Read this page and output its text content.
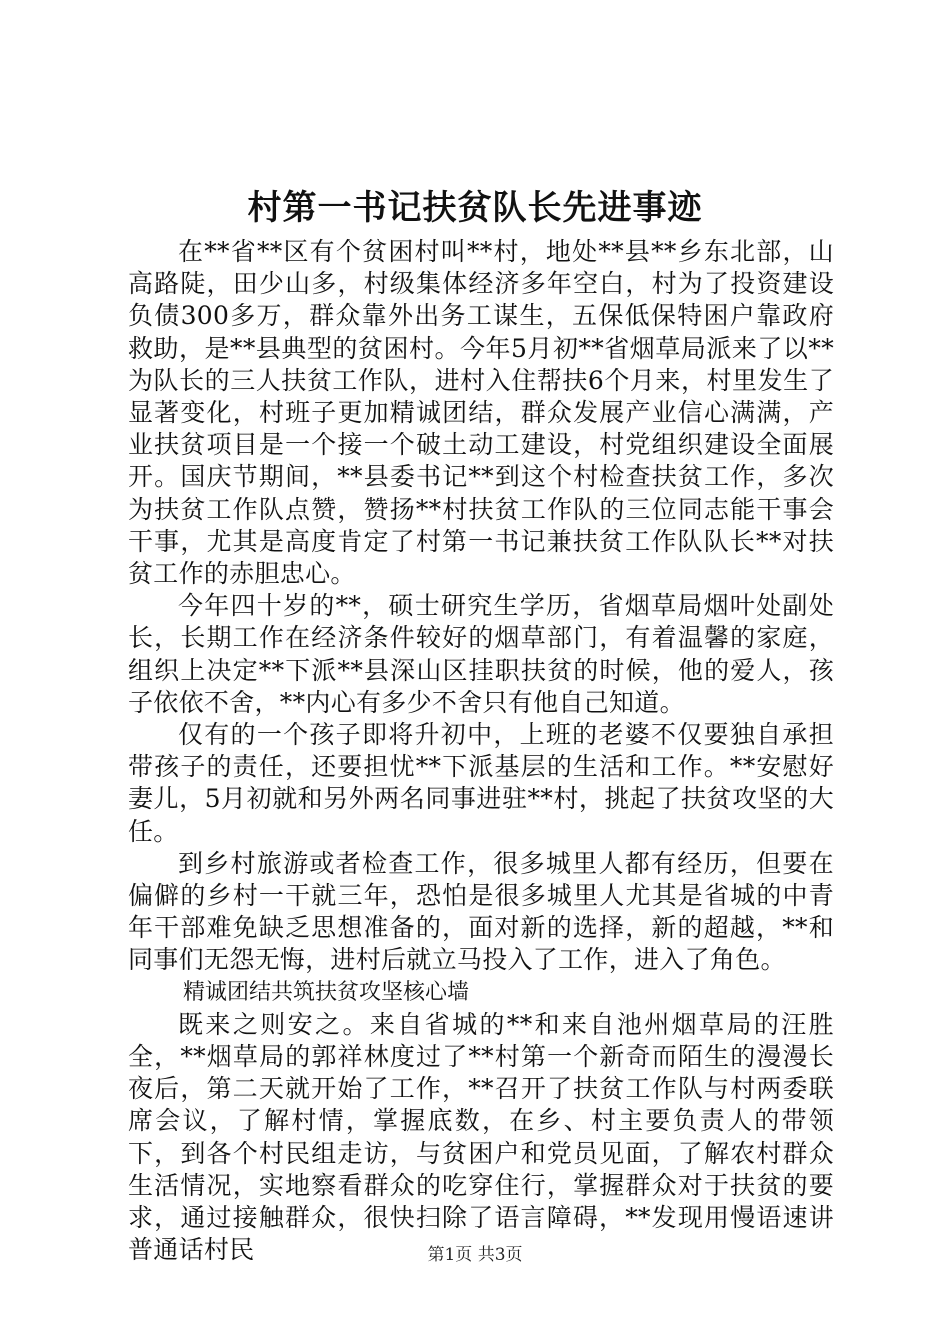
村第一书记扶贫队长先进事迹

在**省**区有个贫困村叫**村，地处**县**乡东北部，山高路陡，田少山多，村级集体经济多年空白，村为了投资建设负债300多万，群众靠外出务工谋生，五保低保特困户靠政府救助，是**县典型的贫困村。今年5月初**省烟草局派来了以**为队长的三人扶贫工作队，进村入住帮扶6个月来，村里发生了显著变化，村班子更加精诚团结，群众发展产业信心满满，产业扶贫项目是一个接一个破土动工建设，村党组织建设全面展开。国庆节期间，**县委书记**到这个村检查扶贫工作，多次为扶贫工作队点赞，赞扬**村扶贫工作队的三位同志能干事会干事，尤其是高度肯定了村第一书记兼扶贫工作队队长**对扶贫工作的赤胆忠心。

今年四十岁的**，硕士研究生学历，省烟草局烟叶处副处长，长期工作在经济条件较好的烟草部门，有着温馨的家庭，组织上决定**下派**县深山区挂职扶贫的时候，他的爱人，孩子依依不舍，**内心有多少不舍只有他自己知道。

仅有的一个孩子即将升初中，上班的老婆不仅要独自承担带孩子的责任，还要担忧**下派基层的生活和工作。**安慰好妻儿，5月初就和另外两名同事进驻**村，挑起了扶贫攻坚的大任。

到乡村旅游或者检查工作，很多城里人都有经历，但要在偏僻的乡村一干就三年，恐怕是很多城里人尤其是省城的中青年干部难免缺乏思想准备的，面对新的选择，新的超越，**和同事们无怨无悔，进村后就立马投入了工作，进入了角色。

精诚团结共筑扶贫攻坚核心墙

既来之则安之。来自省城的**和来自池州烟草局的汪胜全，**烟草局的郭祥林度过了**村第一个新奇而陌生的漫漫长夜后，第二天就开始了工作，**召开了扶贫工作队与村两委联席会议，了解村情，掌握底数，在乡、村主要负责人的带领下，到各个村民组走访，与贫困户和党员见面，了解农村群众生活情况，实地察看群众的吃穿住行，掌握群众对于扶贫的要求，通过接触群众，很快扫除了语言障碍，**发现用慢语速讲普通话村民	第1页 共3页
